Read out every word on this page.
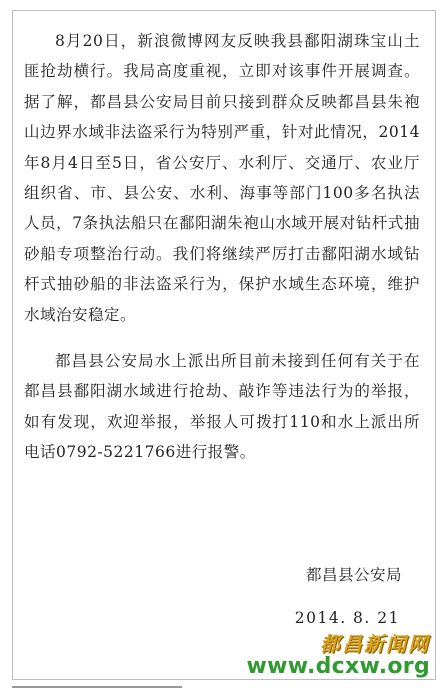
8月20日，新浪微博网友反映我县鄱阳湖珠宝山土匪抢劫横行。我局高度重视，立即对该事件开展调查。据了解，都昌县公安局目前只接到群众反映都昌县朱袍山边界水域非法盗采行为特别严重，针对此情况，2014年8月4日至5日，省公安厅、水利厅、交通厅、农业厅组织省、市、县公安、水利、海事等部门100多名执法人员，7条执法船只在鄱阳湖朱袍山水域开展对钻杆式抽砂船专项整治行动。我们将继续严厉打击鄱阳湖水域钻杆式抽砂船的非法盗采行为，保护水域生态环境，维护水域治安稳定。

都昌县公安局水上派出所目前未接到任何有关于在都昌县鄱阳湖水域进行抢劫、敲诈等违法行为的举报，如有发现，欢迎举报，举报人可拨打110和水上派出所电话0792-5221766进行报警。

都昌县公安局
2014. 8. 21
都昌新闻网
www.dcxw.org
